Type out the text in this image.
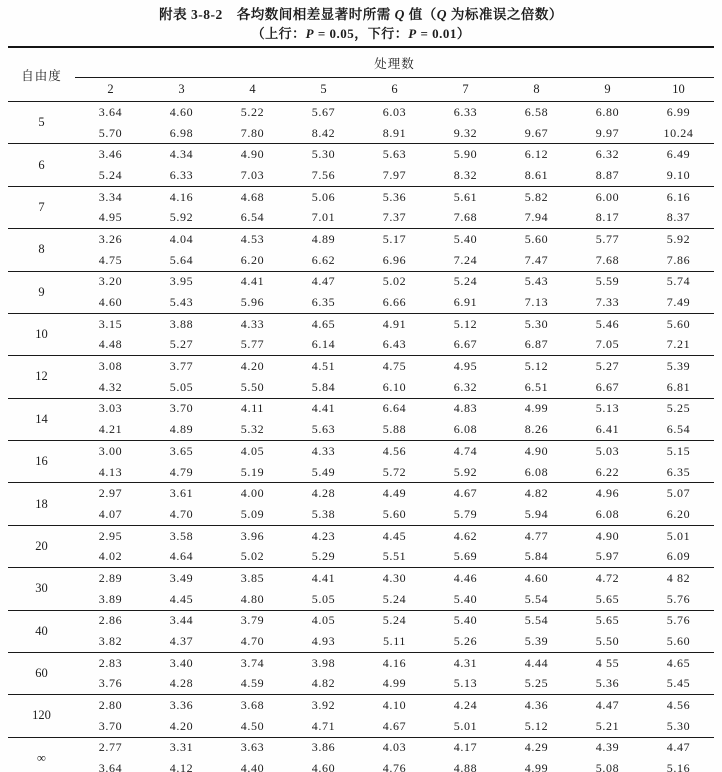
附表 3-8-2　各均数间相差显著时所需 Q 值（Q 为标准误之倍数）
（上行：P = 0.05，下行：P = 0.01）
自由度	处理数								
	2	3	4	5	6	7	8	9	10
5	3.64	4.60	5.22	5.67	6.03	6.33	6.58	6.80	6.99
	5.70	6.98	7.80	8.42	8.91	9.32	9.67	9.97	10.24
6	3.46	4.34	4.90	5.30	5.63	5.90	6.12	6.32	6.49
	5.24	6.33	7.03	7.56	7.97	8.32	8.61	8.87	9.10
7	3.34	4.16	4.68	5.06	5.36	5.61	5.82	6.00	6.16
	4.95	5.92	6.54	7.01	7.37	7.68	7.94	8.17	8.37
8	3.26	4.04	4.53	4.89	5.17	5.40	5.60	5.77	5.92
	4.75	5.64	6.20	6.62	6.96	7.24	7.47	7.68	7.86
9	3.20	3.95	4.41	4.47	5.02	5.24	5.43	5.59	5.74
	4.60	5.43	5.96	6.35	6.66	6.91	7.13	7.33	7.49
10	3.15	3.88	4.33	4.65	4.91	5.12	5.30	5.46	5.60
	4.48	5.27	5.77	6.14	6.43	6.67	6.87	7.05	7.21
12	3.08	3.77	4.20	4.51	4.75	4.95	5.12	5.27	5.39
	4.32	5.05	5.50	5.84	6.10	6.32	6.51	6.67	6.81
14	3.03	3.70	4.11	4.41	6.64	4.83	4.99	5.13	5.25
	4.21	4.89	5.32	5.63	5.88	6.08	8.26	6.41	6.54
16	3.00	3.65	4.05	4.33	4.56	4.74	4.90	5.03	5.15
	4.13	4.79	5.19	5.49	5.72	5.92	6.08	6.22	6.35
18	2.97	3.61	4.00	4.28	4.49	4.67	4.82	4.96	5.07
	4.07	4.70	5.09	5.38	5.60	5.79	5.94	6.08	6.20
20	2.95	3.58	3.96	4.23	4.45	4.62	4.77	4.90	5.01
	4.02	4.64	5.02	5.29	5.51	5.69	5.84	5.97	6.09
30	2.89	3.49	3.85	4.41	4.30	4.46	4.60	4.72	4 82
	3.89	4.45	4.80	5.05	5.24	5.40	5.54	5.65	5.76
40	2.86	3.44	3.79	4.05	5.24	5.40	5.54	5.65	5.76
	3.82	4.37	4.70	4.93	5.11	5.26	5.39	5.50	5.60
60	2.83	3.40	3.74	3.98	4.16	4.31	4.44	4 55	4.65
	3.76	4.28	4.59	4.82	4.99	5.13	5.25	5.36	5.45
120	2.80	3.36	3.68	3.92	4.10	4.24	4.36	4.47	4.56
	3.70	4.20	4.50	4.71	4.67	5.01	5.12	5.21	5.30
∞	2.77	3.31	3.63	3.86	4.03	4.17	4.29	4.39	4.47
	3.64	4.12	4.40	4.60	4.76	4.88	4.99	5.08	5.16
